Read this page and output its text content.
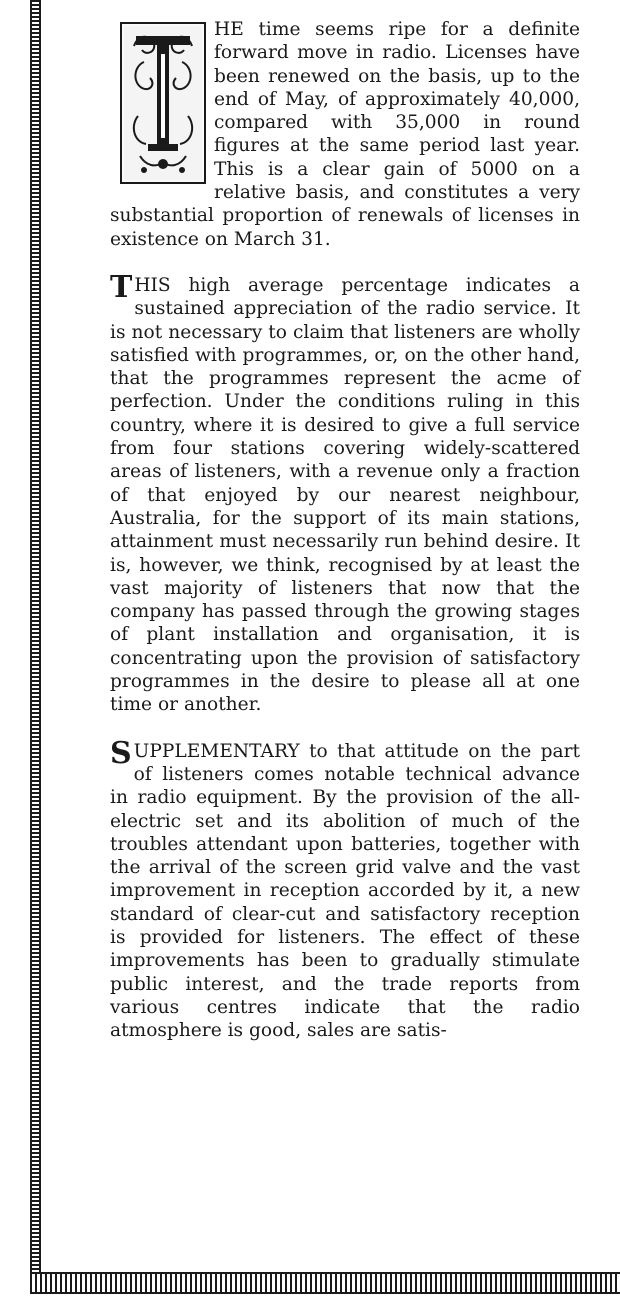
HE time seems ripe for a definite forward move in radio. Licenses have been renewed on the basis, up to the end of May, of approximately 40,000, compared with 35,000 in round figures at the same period last year. This is a clear gain of 5000 on a relative basis, and constitutes a very substantial proportion of renewals of licenses in existence on March 31.

T HIS high average percentage indicates a sustained appreciation of the radio service. It is not necessary to claim that listeners are wholly satisfied with programmes, or, on the other hand, that the programmes represent the acme of perfection. Under the conditions ruling in this country, where it is desired to give a full service from four stations covering widely-scattered areas of listeners, with a revenue only a fraction of that enjoyed by our nearest neighbour, Australia, for the support of its main stations, attainment must necessarily run behind desire. It is, however, we think, recognised by at least the vast majority of listeners that now that the company has passed through the growing stages of plant installation and organisation, it is concentrating upon the provision of satisfactory programmes in the desire to please all at one time or another.

S UPPLEMENTARY to that attitude on the part of listeners comes notable technical advance in radio equipment. By the provision of the all-electric set and its abolition of much of the troubles attendant upon batteries, together with the arrival of the screen grid valve and the vast improvement in reception accorded by it, a new standard of clear-cut and satisfactory reception is provided for listeners. The effect of these improvements has been to gradually stimulate public interest, and the trade reports from various centres indicate that the radio atmosphere is good, sales are satis-
